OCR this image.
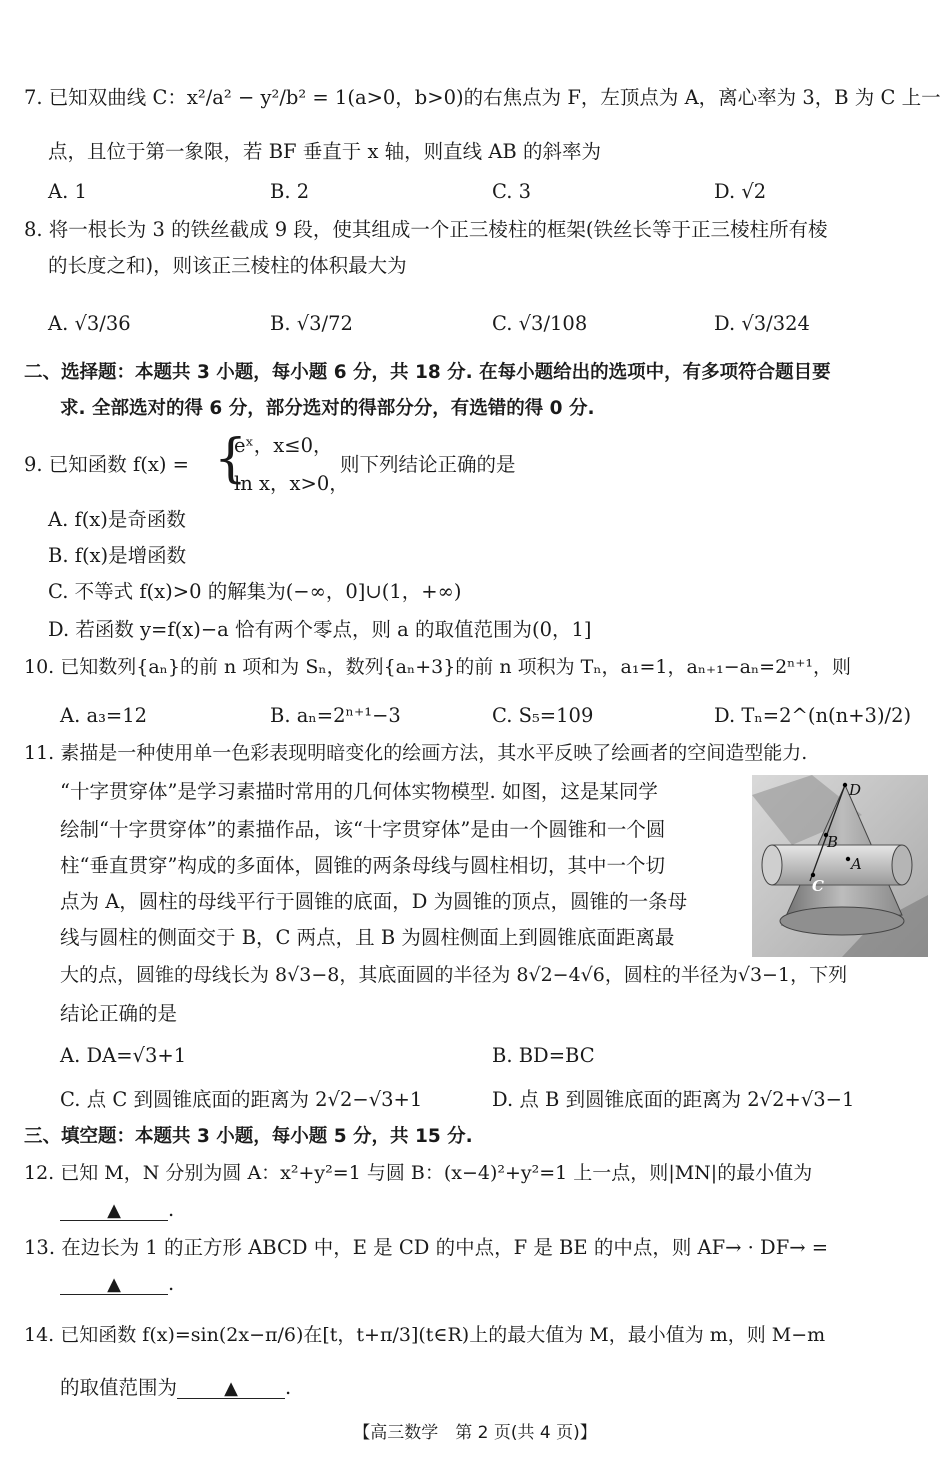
7. 已知双曲线 C：x²/a² − y²/b² = 1(a>0，b>0)的右焦点为 F，左顶点为 A，离心率为 3，B 为 C 上一
点，且位于第一象限，若 BF 垂直于 x 轴，则直线 AB 的斜率为
A. 1	B. 2	C. 3	D. √2
8. 将一根长为 3 的铁丝截成 9 段，使其组成一个正三棱柱的框架(铁丝长等于正三棱柱所有棱
的长度之和)，则该正三棱柱的体积最大为
A. √3/36	B. √3/72	C. √3/108	D. √3/324
二、选择题：本题共 3 小题，每小题 6 分，共 18 分. 在每小题给出的选项中，有多项符合题目要
求. 全部选对的得 6 分，部分选对的得部分分，有选错的得 0 分.
9. 已知函数 f(x) = {
eˣ，x≤0，
ln x，x>0，
则下列结论正确的是
A. f(x)是奇函数
B. f(x)是增函数
C. 不等式 f(x)>0 的解集为(−∞，0]∪(1，+∞)
D. 若函数 y=f(x)−a 恰有两个零点，则 a 的取值范围为(0，1]
10. 已知数列{aₙ}的前 n 项和为 Sₙ，数列{aₙ+3}的前 n 项积为 Tₙ，a₁=1，aₙ₊₁−aₙ=2ⁿ⁺¹，则
A. a₃=12	B. aₙ=2ⁿ⁺¹−3	C. S₅=109	D. Tₙ=2^(n(n+3)/2)
11. 素描是一种使用单一色彩表现明暗变化的绘画方法，其水平反映了绘画者的空间造型能力.
“十字贯穿体”是学习素描时常用的几何体实物模型. 如图，这是某同学
绘制“十字贯穿体”的素描作品，该“十字贯穿体”是由一个圆锥和一个圆
柱“垂直贯穿”构成的多面体，圆锥的两条母线与圆柱相切，其中一个切
点为 A，圆柱的母线平行于圆锥的底面，D 为圆锥的顶点，圆锥的一条母
线与圆柱的侧面交于 B，C 两点，且 B 为圆柱侧面上到圆锥底面距离最
大的点，圆锥的母线长为 8√3−8，其底面圆的半径为 8√2−4√6，圆柱的半径为√3−1，下列
结论正确的是
D
B
A
C
A. DA=√3+1	B. BD=BC
C. 点 C 到圆锥底面的距离为 2√2−√3+1	D. 点 B 到圆锥底面的距离为 2√2+√3−1
三、填空题：本题共 3 小题，每小题 5 分，共 15 分.
12. 已知 M，N 分别为圆 A：x²+y²=1 与圆 B：(x−4)²+y²=1 上一点，则|MN|的最小值为
▲ .
13. 在边长为 1 的正方形 ABCD 中，E 是 CD 的中点，F 是 BE 的中点，则 AF→ · DF→ =
▲ .
14. 已知函数 f(x)=sin(2x−π/6)在[t，t+π/3](t∈R)上的最大值为 M，最小值为 m，则 M−m
的取值范围为	▲ .
【高三数学　第 2 页(共 4 页)】
